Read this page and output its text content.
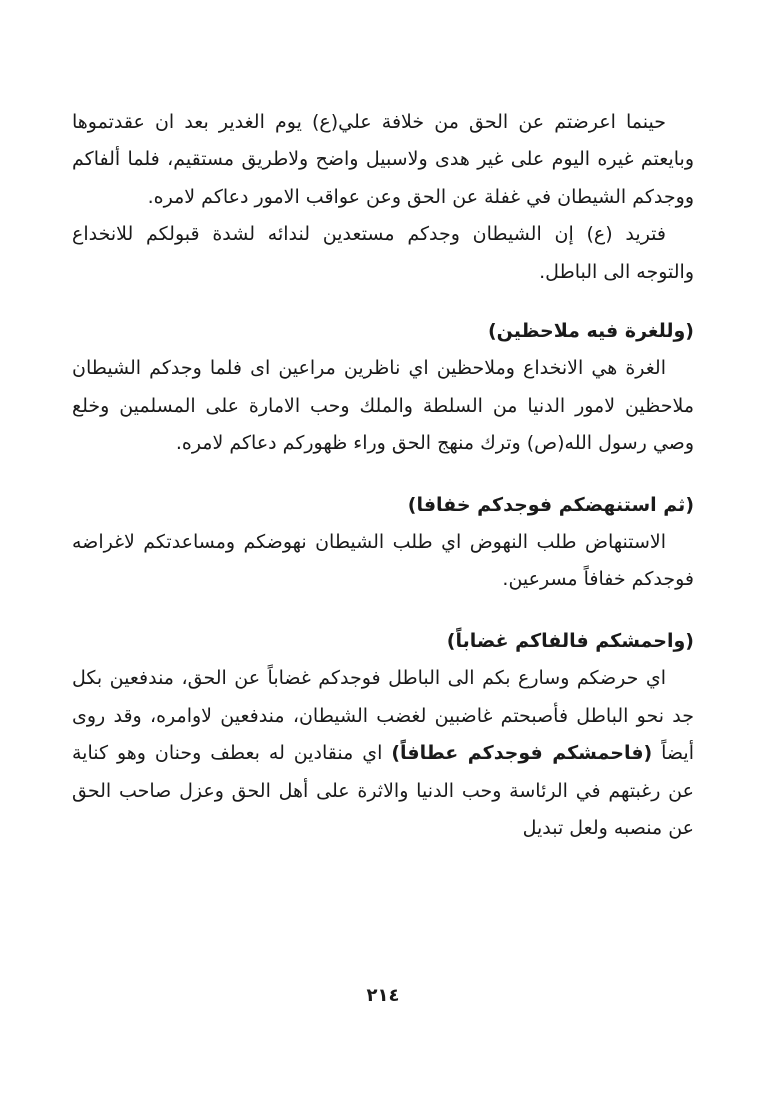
حينما اعرضتم عن الحق من خلافة علي(ع) يوم الغدير بعد ان عقدتموها وبايعتم غيره اليوم على غير هدى ولاسبيل واضح ولاطريق مستقيم، فلما ألفاكم ووجدكم الشيطان في غفلة عن الحق وعن عواقب الامور دعاكم لامره.

فتريد (ع) إن الشيطان وجدكم مستعدين لندائه لشدة قبولكم للانخداع والتوجه الى الباطل.

(وللغرة فيه ملاحظين)

الغرة هي الانخداع وملاحظين اي ناظرين مراعين اى فلما وجدكم الشيطان ملاحظين لامور الدنيا من السلطة والملك وحب الامارة على المسلمين وخلع وصي رسول الله(ص) وترك منهج الحق وراء ظهوركم دعاكم لامره.

(ثم استنهضكم فوجدكم خفافا)

الاستنهاض طلب النهوض اي طلب الشيطان نهوضكم ومساعدتكم لاغراضه فوجدكم خفافاً مسرعين.

(واحمشكم فالفاكم غضاباً)

اي حرضكم وسارع بكم الى الباطل فوجدكم غضاباً عن الحق، مندفعين بكل جد نحو الباطل فأصبحتم غاضبين لغضب الشيطان، مندفعين لاوامره، وقد روى أيضاً (فاحمشكم فوجدكم عطافاً) اي منقادين له بعطف وحنان وهو كناية عن رغبتهم في الرئاسة وحب الدنيا والاثرة على أهل الحق وعزل صاحب الحق عن منصبه ولعل تبديل

٢١٤
